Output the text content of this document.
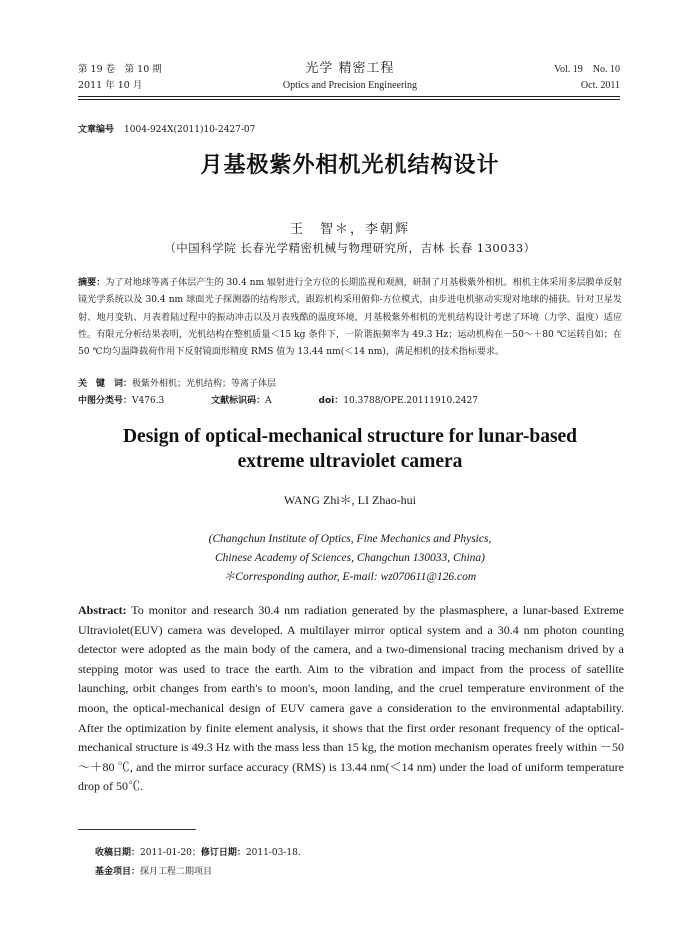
第 19 卷　第 10 期
2011 年 10 月
光学 精密工程
Optics and Precision Engineering
Vol. 19　No. 10
Oct. 2011
文章编号 1004-924X(2011)10-2427-07
月基极紫外相机光机结构设计
王　智＊，李朝辉
（中国科学院 长春光学精密机械与物理研究所，吉林 长春 130033）
摘要：为了对地球等离子体层产生的 30.4 nm 辐射进行全方位的长期监视和观测，研制了月基极紫外相机。相机主体采用多层膜单反射镜光学系统以及 30.4 nm 球面光子探测器的结构形式，跟踪机构采用俯仰-方位模式，由步进电机驱动实现对地球的捕获。针对卫星发射、地月变轨、月表着陆过程中的振动冲击以及月表残酷的温度环境，月基极紫外相机的光机结构设计考虑了环境（力学、温度）适应性。有限元分析结果表明，光机结构在整机质量＜15 kg 条件下，一阶谐振频率为 49.3 Hz；运动机构在－50～＋80 ℃运转自如；在 50 ℃均匀温降载荷作用下反射镜面形精度 RMS 值为 13.44 nm(＜14 nm)，满足相机的技术指标要求。
关　键　词：极紫外相机；光机结构；等离子体层
中图分类号：V476.3	文献标识码：A	doi：10.3788/OPE.20111910.2427
Design of optical-mechanical structure for lunar-based
extreme ultraviolet camera
WANG Zhi＊, LI Zhao-hui
(Changchun Institute of Optics, Fine Mechanics and Physics,
Chinese Academy of Sciences, Changchun 130033, China)
＊Corresponding author, E-mail: wz070611@126.com
Abstract: To monitor and research 30.4 nm radiation generated by the plasmasphere, a lunar-based Extreme Ultraviolet(EUV) camera was developed. A multilayer mirror optical system and a 30.4 nm photon counting detector were adopted as the main body of the camera, and a two-dimensional tracing mechanism drived by a stepping motor was used to trace the earth. Aim to the vibration and impact from the process of satellite launching, orbit changes from earth's to moon's, moon landing, and the cruel temperature environment of the moon, the optical-mechanical design of EUV camera gave a consideration to the environmental adaptability. After the optimization by finite element analysis, it shows that the first order resonant frequency of the optical-mechanical structure is 49.3 Hz with the mass less than 15 kg, the motion mechanism operates freely within －50～＋80 ℃, and the mirror surface accuracy (RMS) is 13.44 nm(＜14 nm) under the load of uniform temperature drop of 50℃.
收稿日期：2011-01-20；修订日期：2011-03-18.
基金项目：探月工程二期项目
